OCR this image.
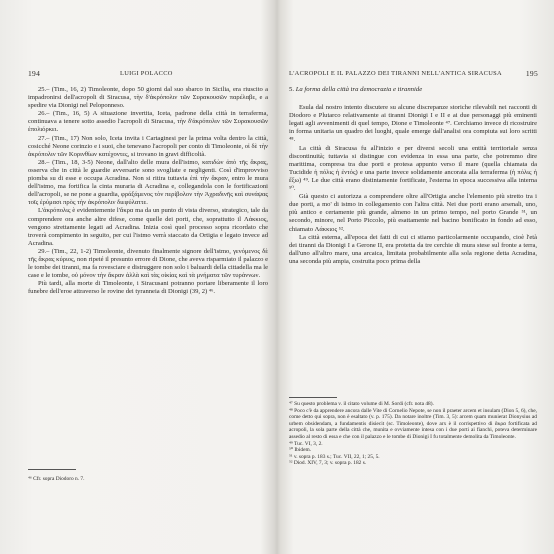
194	LUIGI POLACCO

25.– (Tim., 16, 2) Timoleonte, dopo 50 giorni dal suo sbarco in Sicilia, era riuscito a impadronirsi dell'acropoli di Siracusa, τὴν δ'ἀκρόπολιν τῶν Συρακουσῶν παρέλαβε, e a spedire via Dionigi nel Peloponneso.

26.– (Tim., 16, 5) A situazione invertita, Iceta, padrone della città in terraferma, continuava a tenere sotto assedio l'acropoli di Siracusa, τὴν δ'ἀκρόπολιν τῶν Συρακουσῶν ἐπολιόρκει.

27.– (Tim., 17) Non solo, Iceta invita i Cartaginesi per la prima volta dentro la città, cosicché Neone corinzio e i suoi, che tenevano l'acropoli per conto di Timoleonte, οἱ δὲ τὴν ἀκρόπολιν τῶν Κορινθίων κατέχοντες, si trovano in gravi difficoltà.

28.– (Tim., 18, 3-5) Neone, dall'alto delle mura dell'istmo, κατιδὼν ἀπὸ τῆς ἄκρας, osserva che in città le guardie avversarie sono svogliate e negligenti. Così d'improvviso piomba su di esse e occupa Acradina. Non si ritira tuttavia ἐπὶ τὴν ἄκραν, entro le mura dell'istmo, ma fortifica la cinta muraria di Acradina e, collegandola con le fortificazioni dell'acropoli, se ne pone a guardia, φράξάμενος τὸν περίβολον τὴν Ἀχραδινῆς καὶ συνάψας τοῖς ἐρύμασι πρὸς τὴν ἀκρόπολιν διεφύλαττε.

L'ἀκρόπολις è evidentemente l'ἄκρα ma da un punto di vista diverso, strategico, tale da comprendere ora anche altre difese, come quelle dei porti, che, soprattutto il Λάκκιος, vengono strettamente legati ad Acradina. Inizia così quel processo sopra ricordato che troverà compimento in seguito, per cui l'istmo verrà staccato da Ortigia e legato invece ad Acradina.

29.– (Tim., 22, 1-2) Timoleonte, divenuto finalmente signore dell'istmo, γενόμενος δὲ τῆς ἄκρας κύριος, non ripeté il presunto errore di Dione, che aveva risparmiato il palazzo e le tombe dei tiranni, ma fa rovesciare e distruggere non solo i baluardi della cittadella ma le case e le tombe, οὐ μόνον τὴν ἄκραν ἀλλὰ καὶ τὰς οἰκίας καὶ τὰ μνήματα τῶν τυράννων.

Più tardi, alla morte di Timoleonte, i Siracusani potranno portare liberamente il loro funebre dell'eroe attraverso le rovine dei tyranneia di Dionigi (39, 2) ⁴⁶.

⁴⁶ Cfr. sopra Diodoro n. 7.

L'ACROPOLI E IL PALAZZO DEI TIRANNI NELL'ANTICA SIRACUSA	195

5. La forma della città tra democrazia e tirannide

Esula dal nostro intento discutere su alcune discrepanze storiche rilevabili nei racconti di Diodoro e Plutarco relativamente ai tiranni Dionigi I e II e ai due personaggi più eminenti legati agli avvenimenti di quel tempo, Dione e Timoleonte ⁴⁷. Cerchiamo invece di ricostruire in forma unitaria un quadro dei luoghi, quale emerge dall'analisi ora compiuta sui loro scritti ⁴⁸.

La città di Siracusa fu all'inizio e per diversi secoli una entità territoriale senza discontinuità; tuttavia si distingue con evidenza in essa una parte, che potremmo dire marittima, compresa tra due porti e protesa appunto verso il mare (quella chiamata da Tucidide ἡ πόλις ἡ ἐντός) e una parte invece solidamente ancorata alla terraferma (ἡ πόλις ἡ ἔξω) ⁴⁹. Le due città erano distintamente fortificate, l'esterna in epoca successiva alla interna ⁵⁰.

Già questo ci autorizza a comprendere oltre all'Ortigia anche l'elemento più stretto tra i due porti, a mo' di istmo in collegamento con l'altra città. Nei due porti erano arsenali, uno, più antico e certamente più grande, almeno in un primo tempo, nel porto Grande ⁵¹, un secondo, minore, nel Porto Piccolo, più esattamente nel bacino bonificato in fondo ad esso, chiamato Λάκκιος ⁵².

La città esterna, all'epoca dei fatti di cui ci stiamo particolarmente occupando, cioè l'età dei tiranni da Dionigi I a Gerone II, era protetta da tre cerchie di mura stese sul fronte a terra, dall'uno all'altro mare, una arcaica, limitata probabilmente alla sola regione detta Acradina, una seconda più ampia, costruita poco prima della

⁴⁷ Su questo problema v. il citato volume di M. Sordi (cfr. nota 48).

⁴⁸ Poco c'è da apprendere ancora dalle Vite di Cornelio Nepote, se non il praeter arcem et insulam (Dion 5, 6), che, come detto qui sopra, non è esaltato (v. p. 175). Da notare inoltre (Tim. 3, 5): arcem quam munierat Dionysius ad urbem obsidendam, a fundamentis disiecit (sc. Timoleonte), dove arx è il corrispettivo di ἄκρα fortificata ad acropoli, la sola parte della città che, munita e ovviamente intesa con i due porti ai fianchi, poteva determinare assedio al resto di essa e che con il palazzo e le tombe di Dionigi I fu totalmente demolita da Timoleonte.

⁴⁹ Tuc. VI, 3, 2.

⁵⁰ Ibidem.

⁵¹ v. sopra p. 183 s.; Tuc. VII, 22, 1; 25, 5.

⁵² Diod. XIV, 7, 3; v. sopra p. 182 s.
